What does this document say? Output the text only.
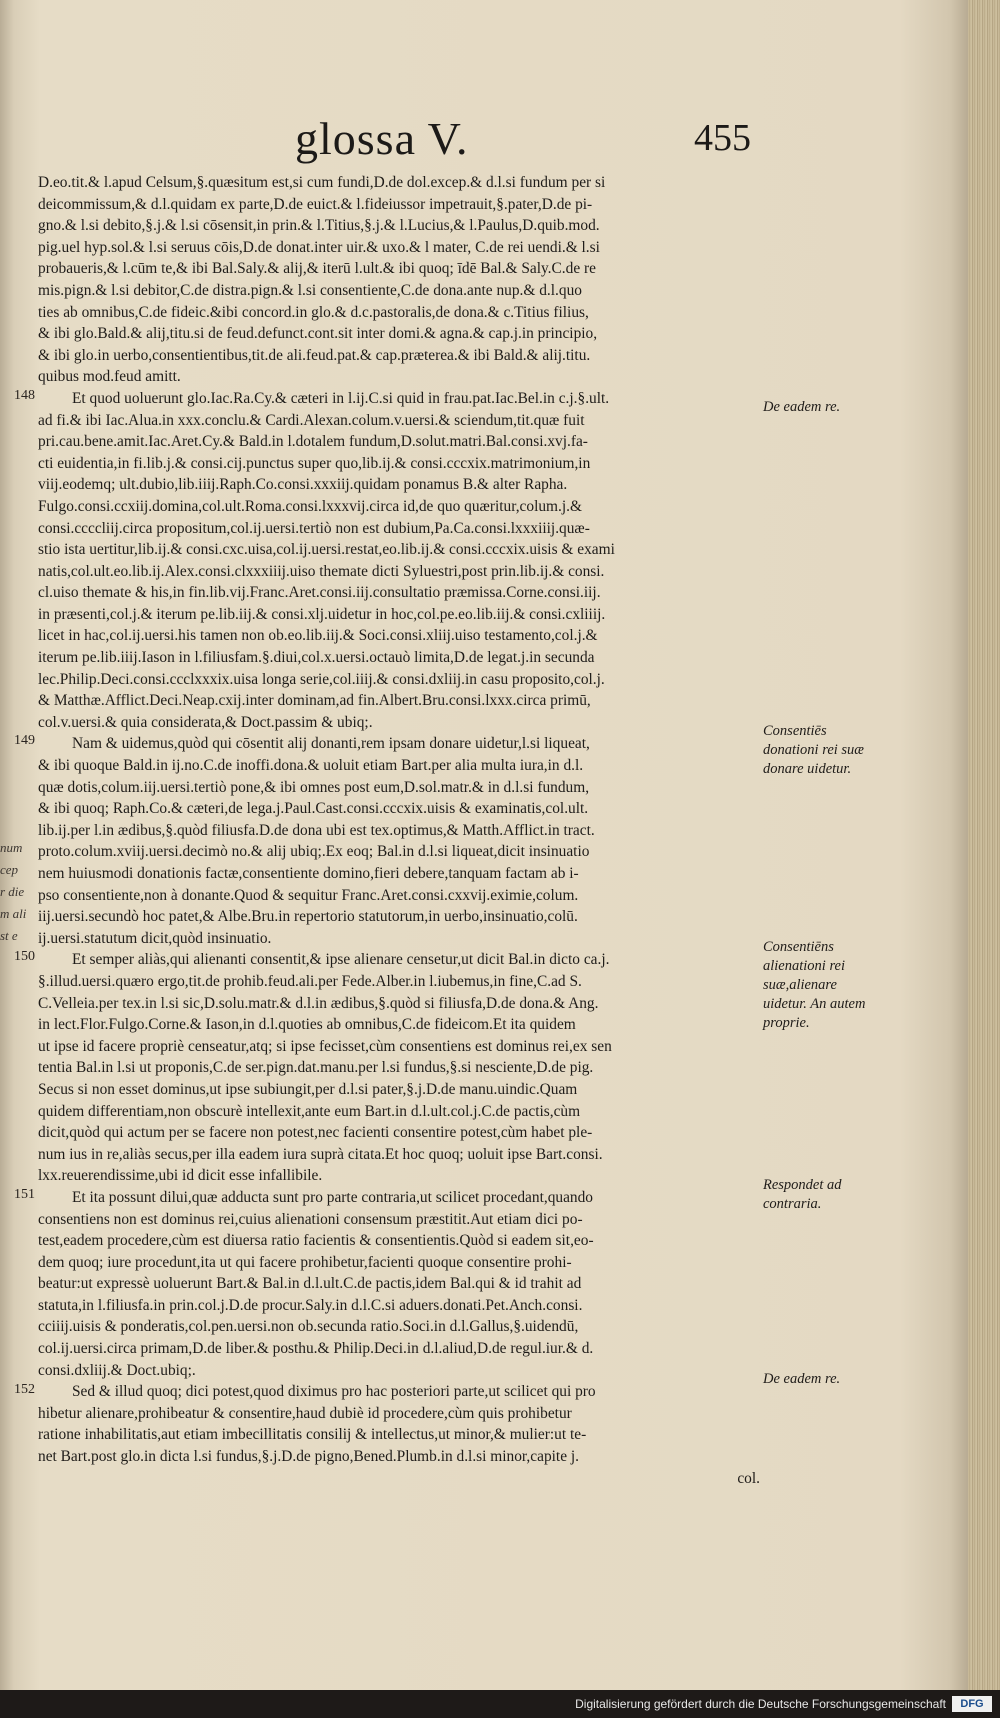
glossa V.	455
num
cep
r die
m ali
st e
D.eo.tit.& l.apud Celsum,§.quæsitum est,si cum fundi,D.de dol.excep.& d.l.si fundum per si
deicommissum,& d.l.quidam ex parte,D.de euict.& l.fideiussor impetrauit,§.pater,D.de pi-
gno.& l.si debito,§.j.& l.si cōsensit,in prin.& l.Titius,§.j.& l.Lucius,& l.Paulus,D.quib.mod.
pig.uel hyp.sol.& l.si seruus cōis,D.de donat.inter uir.& uxo.& l mater, C.de rei uendi.& l.si
probaueris,& l.cūm te,& ibi Bal.Saly.& alij,& iterū l.ult.& ibi quoq; īdē Bal.& Saly.C.de re
mis.pign.& l.si debitor,C.de distra.pign.& l.si consentiente,C.de dona.ante nup.& d.l.quo
ties ab omnibus,C.de fideic.&ibi concord.in glo.& d.c.pastoralis,de dona.& c.Titius filius,
& ibi glo.Bald.& alij,titu.si de feud.defunct.cont.sit inter domi.& agna.& cap.j.in principio,
& ibi glo.in uerbo,consentientibus,tit.de ali.feud.pat.& cap.præterea.& ibi Bald.& alij.titu.
quibus mod.feud amitt.
Et quod uoluerunt glo.Iac.Ra.Cy.& cæteri in l.ij.C.si quid in frau.pat.Iac.Bel.in c.j.§.ult.
ad fi.& ibi Iac.Alua.in xxx.conclu.& Cardi.Alexan.colum.v.uersi.& sciendum,tit.quæ fuit
pri.cau.bene.amit.Iac.Aret.Cy.& Bald.in l.dotalem fundum,D.solut.matri.Bal.consi.xvj.fa-
cti euidentia,in fi.lib.j.& consi.cij.punctus super quo,lib.ij.& consi.cccxix.matrimonium,in
viij.eodemq; ult.dubio,lib.iiij.Raph.Co.consi.xxxiij.quidam ponamus B.& alter Rapha.
Fulgo.consi.ccxiij.domina,col.ult.Roma.consi.lxxxvij.circa id,de quo quæritur,colum.j.&
consi.ccccliij.circa propositum,col.ij.uersi.tertiò non est dubium,Pa.Ca.consi.lxxxiiij.quæ-
stio ista uertitur,lib.ij.& consi.cxc.uisa,col.ij.uersi.restat,eo.lib.ij.& consi.cccxix.uisis & exami
natis,col.ult.eo.lib.ij.Alex.consi.clxxxiiij.uiso themate dicti Syluestri,post prin.lib.ij.& consi.
cl.uiso themate & his,in fin.lib.vij.Franc.Aret.consi.iij.consultatio præmissa.Corne.consi.iij.
in præsenti,col.j.& iterum pe.lib.iij.& consi.xlj.uidetur in hoc,col.pe.eo.lib.iij.& consi.cxliiij.
licet in hac,col.ij.uersi.his tamen non ob.eo.lib.iij.& Soci.consi.xliij.uiso testamento,col.j.&
iterum pe.lib.iiij.Iason in l.filiusfam.§.diui,col.x.uersi.octauò limita,D.de legat.j.in secunda
lec.Philip.Deci.consi.ccclxxxix.uisa longa serie,col.iiij.& consi.dxliij.in casu proposito,col.j.
& Matthæ.Afflict.Deci.Neap.cxij.inter dominam,ad fin.Albert.Bru.consi.lxxx.circa primū,
col.v.uersi.& quia considerata,& Doct.passim & ubiq;.
Nam & uidemus,quòd qui cōsentit alij donanti,rem ipsam donare uidetur,l.si liqueat,
& ibi quoque Bald.in ij.no.C.de inoffi.dona.& uoluit etiam Bart.per alia multa iura,in d.l.
quæ dotis,colum.iij.uersi.tertiò pone,& ibi omnes post eum,D.sol.matr.& in d.l.si fundum,
& ibi quoq; Raph.Co.& cæteri,de lega.j.Paul.Cast.consi.cccxix.uisis & examinatis,col.ult.
lib.ij.per l.in ædibus,§.quòd filiusfa.D.de dona ubi est tex.optimus,& Matth.Afflict.in tract.
proto.colum.xviij.uersi.decimò no.& alij ubiq;.Ex eoq; Bal.in d.l.si liqueat,dicit insinuatio
nem huiusmodi donationis factæ,consentiente domino,fieri debere,tanquam factam ab i-
pso consentiente,non à donante.Quod & sequitur Franc.Aret.consi.cxxvij.eximie,colum.
iij.uersi.secundò hoc patet,& Albe.Bru.in repertorio statutorum,in uerbo,insinuatio,colū.
ij.uersi.statutum dicit,quòd insinuatio.
Et semper aliàs,qui alienanti consentit,& ipse alienare censetur,ut dicit Bal.in dicto ca.j.
§.illud.uersi.quæro ergo,tit.de prohib.feud.ali.per Fede.Alber.in l.iubemus,in fine,C.ad S.
C.Velleia.per tex.in l.si sic,D.solu.matr.& d.l.in ædibus,§.quòd si filiusfa,D.de dona.& Ang.
in lect.Flor.Fulgo.Corne.& Iason,in d.l.quoties ab omnibus,C.de fideicom.Et ita quidem
ut ipse id facere propriè censeatur,atq; si ipse fecisset,cùm consentiens est dominus rei,ex sen
tentia Bal.in l.si ut proponis,C.de ser.pign.dat.manu.per l.si fundus,§.si nesciente,D.de pig.
Secus si non esset dominus,ut ipse subiungit,per d.l.si pater,§.j.D.de manu.uindic.Quam
quidem differentiam,non obscurè intellexit,ante eum Bart.in d.l.ult.col.j.C.de pactis,cùm
dicit,quòd qui actum per se facere non potest,nec facienti consentire potest,cùm habet ple-
num ius in re,aliàs secus,per illa eadem iura suprà citata.Et hoc quoq; uoluit ipse Bart.consi.
lxx.reuerendissime,ubi id dicit esse infallibile.
Et ita possunt dilui,quæ adducta sunt pro parte contraria,ut scilicet procedant,quando
consentiens non est dominus rei,cuius alienationi consensum præstitit.Aut etiam dici po-
test,eadem procedere,cùm est diuersa ratio facientis & consentientis.Quòd si eadem sit,eo-
dem quoq; iure procedunt,ita ut qui facere prohibetur,facienti quoque consentire prohi-
beatur:ut expressè uoluerunt Bart.& Bal.in d.l.ult.C.de pactis,idem Bal.qui & id trahit ad
statuta,in l.filiusfa.in prin.col.j.D.de procur.Saly.in d.l.C.si aduers.donati.Pet.Anch.consi.
cciiij.uisis & ponderatis,col.pen.uersi.non ob.secunda ratio.Soci.in d.l.Gallus,§.uidendū,
col.ij.uersi.circa primam,D.de liber.& posthu.& Philip.Deci.in d.l.aliud,D.de regul.iur.& d.
consi.dxliij.& Doct.ubiq;.
Sed & illud quoq; dici potest,quod diximus pro hac posteriori parte,ut scilicet qui pro
hibetur alienare,prohibeatur & consentire,haud dubiè id procedere,cùm quis prohibetur
ratione inhabilitatis,aut etiam imbecillitatis consilij & intellectus,ut minor,& mulier:ut te-
net Bart.post glo.in dicta l.si fundus,§.j.D.de pigno,Bened.Plumb.in d.l.si minor,capite j.
col.
148
149
150
151
152
De eadem re.
Consentiēs donationi rei suæ donare uidetur.
Consentiēns alienationi rei suæ,alienare uidetur. An autem proprie.
Respondet ad contraria.
De eadem re.
Digitalisierung gefördert durch die Deutsche Forschungsgemeinschaft	DFG
